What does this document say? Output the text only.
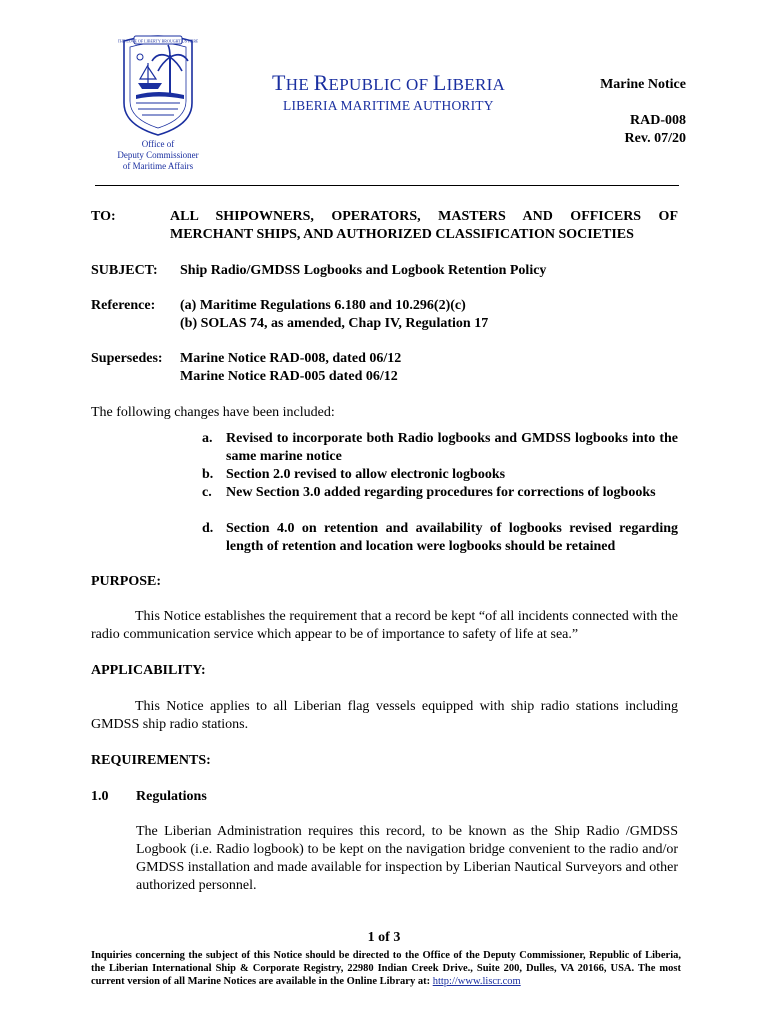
THE LOVE OF LIBERTY BROUGHT US HERE
Office of
Deputy Commissioner
of Maritime Affairs
THE REPUBLIC OF LIBERIA
LIBERIA MARITIME AUTHORITY
Marine Notice
RAD-008
Rev. 07/20
TO:	ALL SHIPOWNERS, OPERATORS, MASTERS AND OFFICERS OF
MERCHANT SHIPS, AND AUTHORIZED CLASSIFICATION SOCIETIES
SUBJECT: Ship Radio/GMDSS Logbooks and Logbook Retention Policy
Reference: (a) Maritime Regulations 6.180 and 10.296(2)(c)
(b) SOLAS 74, as amended, Chap IV, Regulation 17
Supersedes: Marine Notice RAD-008, dated 06/12
Marine Notice RAD-005 dated 06/12
The following changes have been included:
a. Revised to incorporate both Radio logbooks and GMDSS logbooks into the same marine notice
b. Section 2.0 revised to allow electronic logbooks
c. New Section 3.0 added regarding procedures for corrections of logbooks
d. Section 4.0 on retention and availability of logbooks revised regarding length of retention and location were logbooks should be retained
PURPOSE:
This Notice establishes the requirement that a record be kept “of all incidents connected with the radio communication service which appear to be of importance to safety of life at sea.”
APPLICABILITY:
This Notice applies to all Liberian flag vessels equipped with ship radio stations including GMDSS ship radio stations.
REQUIREMENTS:
1.0 Regulations
The Liberian Administration requires this record, to be known as the Ship Radio /GMDSS Logbook (i.e. Radio logbook) to be kept on the navigation bridge convenient to the radio and/or GMDSS installation and made available for inspection by Liberian Nautical Surveyors and other authorized personnel.
1 of 3
Inquiries concerning the subject of this Notice should be directed to the Office of the Deputy Commissioner, Republic of Liberia, the Liberian International Ship & Corporate Registry, 22980 Indian Creek Drive., Suite 200, Dulles, VA 20166, USA. The most current version of all Marine Notices are available in the Online Library at: http://www.liscr.com
